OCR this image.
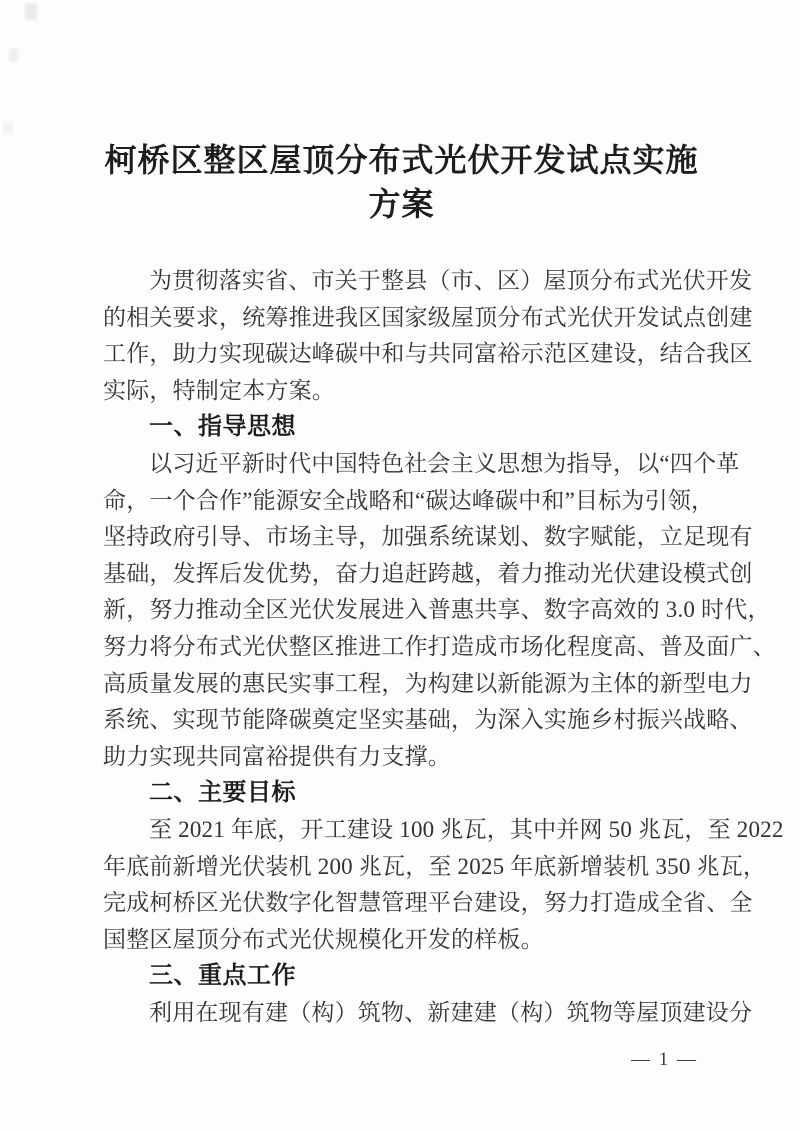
柯桥区整区屋顶分布式光伏开发试点实施方案
为贯彻落实省、市关于整县（市、区）屋顶分布式光伏开发
的相关要求，统筹推进我区国家级屋顶分布式光伏开发试点创建
工作，助力实现碳达峰碳中和与共同富裕示范区建设，结合我区
实际，特制定本方案。
一、指导思想
以习近平新时代中国特色社会主义思想为指导，以“四个革
命，一个合作”能源安全战略和“碳达峰碳中和”目标为引领，
坚持政府引导、市场主导，加强系统谋划、数字赋能，立足现有
基础，发挥后发优势，奋力追赶跨越，着力推动光伏建设模式创
新，努力推动全区光伏发展进入普惠共享、数字高效的 3.0 时代，
努力将分布式光伏整区推进工作打造成市场化程度高、普及面广、
高质量发展的惠民实事工程，为构建以新能源为主体的新型电力
系统、实现节能降碳奠定坚实基础，为深入实施乡村振兴战略、
助力实现共同富裕提供有力支撑。
二、主要目标
至 2021 年底，开工建设 100 兆瓦，其中并网 50 兆瓦，至 2022
年底前新增光伏装机 200 兆瓦，至 2025 年底新增装机 350 兆瓦，
完成柯桥区光伏数字化智慧管理平台建设，努力打造成全省、全
国整区屋顶分布式光伏规模化开发的样板。
三、重点工作
利用在现有建（构）筑物、新建建（构）筑物等屋顶建设分
— 1 —
